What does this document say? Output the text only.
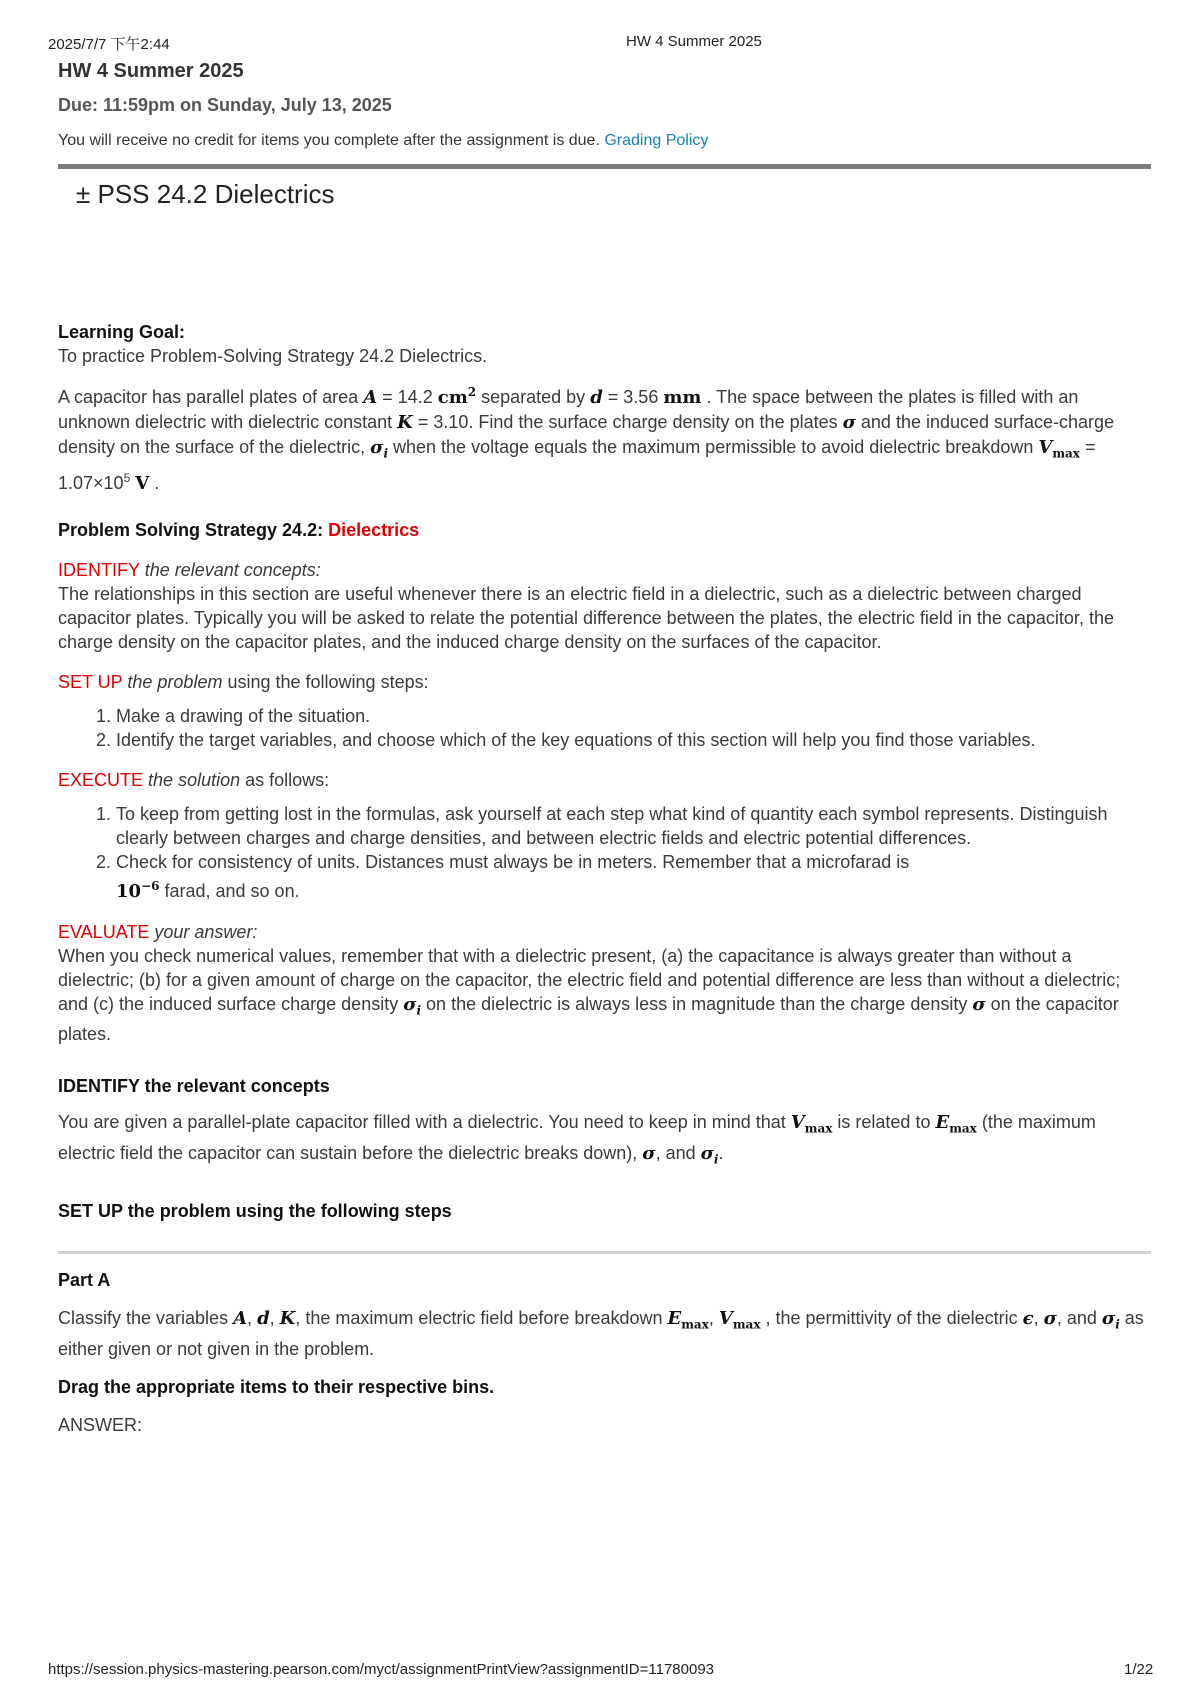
2025/7/7 下午2:44	HW 4 Summer 2025
HW 4 Summer 2025
Due: 11:59pm on Sunday, July 13, 2025
You will receive no credit for items you complete after the assignment is due. Grading Policy
± PSS 24.2 Dielectrics

Learning Goal:

To practice Problem-Solving Strategy 24.2 Dielectrics.

A capacitor has parallel plates of area A = 14.2 $cm^2$ separated by d = 3.56 mm . The space between the plates is filled with an unknown dielectric with dielectric constant K = 3.10. Find the surface charge density on the plates σ and the induced surface-charge density on the surface of the dielectric, $\sigma_i$ when the voltage equals the maximum permissible to avoid dielectric breakdown $V_{max} = 1.07\times 10^5$ V .

Problem Solving Strategy 24.2: Dielectrics

IDENTIFY the relevant concepts:

The relationships in this section are useful whenever there is an electric field in a dielectric, such as a dielectric between charged capacitor plates. Typically you will be asked to relate the potential difference between the plates, the electric field in the capacitor, the charge density on the capacitor plates, and the induced charge density on the surfaces of the capacitor.

SET UP the problem using the following steps:

1. Make a drawing of the situation.
2. Identify the target variables, and choose which of the key equations of this section will help you find those variables.

EXECUTE the solution as follows:

1. To keep from getting lost in the formulas, ask yourself at each step what kind of quantity each symbol represents. Distinguish clearly between charges and charge densities, and between electric fields and electric potential differences.
2. Check for consistency of units. Distances must always be in meters. Remember that a microfarad is
$10^{-6}$ farad, and so on.

EVALUATE your answer:

When you check numerical values, remember that with a dielectric present, (a) the capacitance is always greater than without a dielectric; (b) for a given amount of charge on the capacitor, the electric field and potential difference are less than without a dielectric; and (c) the induced surface charge density $\sigma_i$ on the dielectric is always less in magnitude than the charge density σ on the capacitor plates.

IDENTIFY the relevant concepts

You are given a parallel-plate capacitor filled with a dielectric. You need to keep in mind that $V_{max}$ is related to $E_{max}$ (the maximum electric field the capacitor can sustain before the dielectric breaks down), σ, and $\sigma_i$.

SET UP the problem using the following steps

Part A

Classify the variables A, d, K, the maximum electric field before breakdown $E_{max}$, $V_{max}$ , the permittivity of the dielectric ϵ, σ, and $\sigma_i$ as either given or not given in the problem.

Drag the appropriate items to their respective bins.

ANSWER:

https://session.physics-mastering.pearson.com/myct/assignmentPrintView?assignmentID=11780093	1/22
